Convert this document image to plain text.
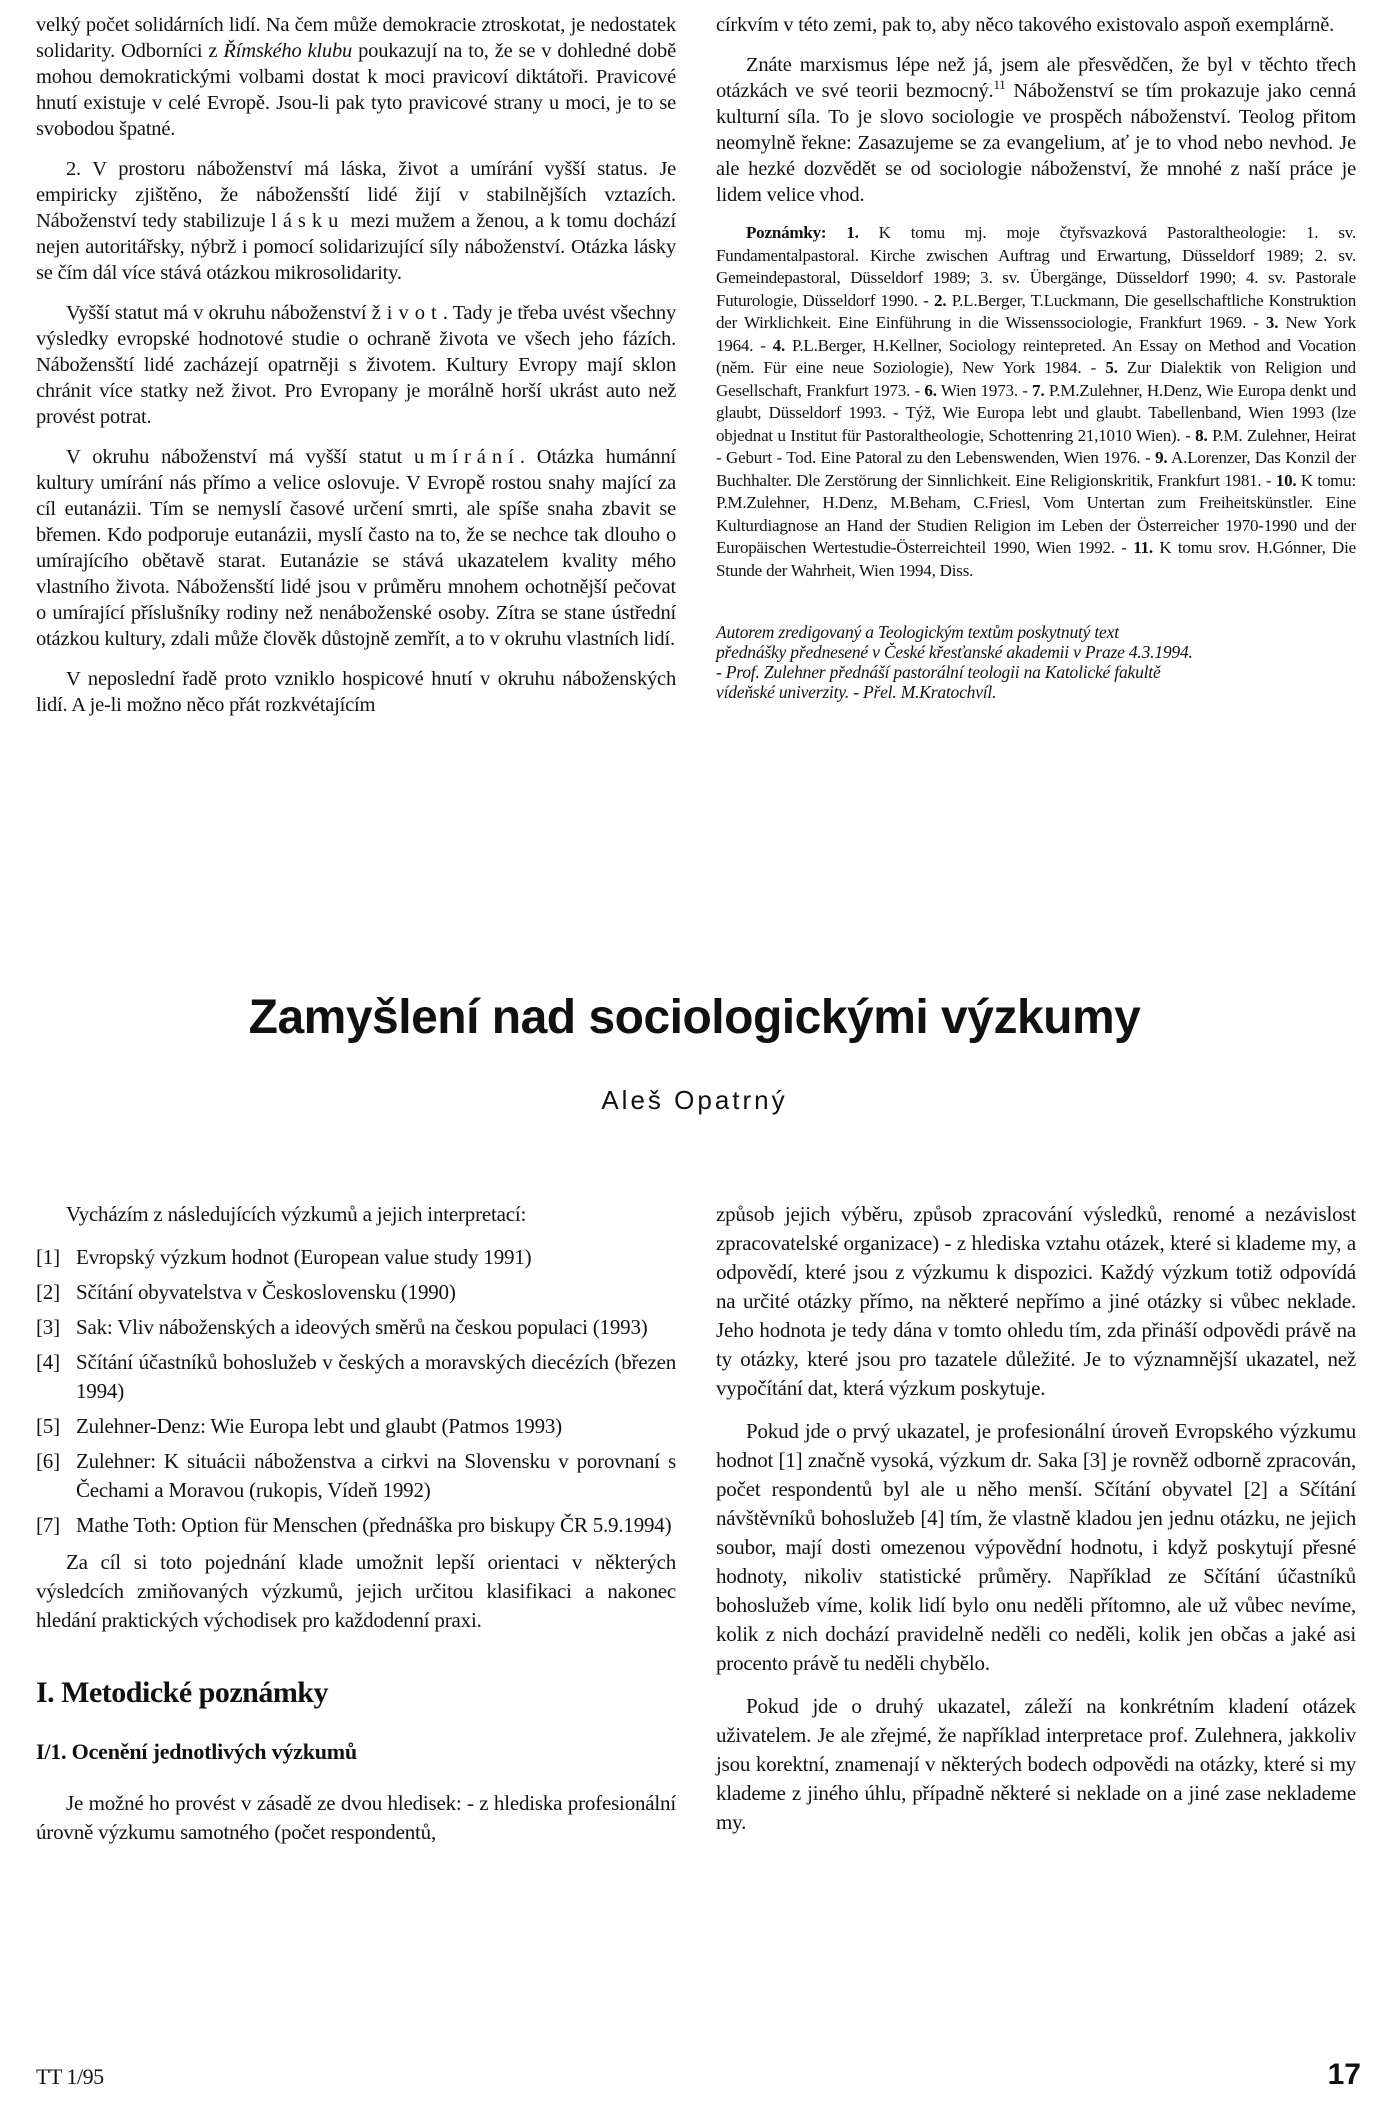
velký počet solidárních lidí. Na čem může demokracie ztroskotat, je nedostatek solidarity. Odborníci z Římského klubu poukazují na to, že se v dohledné době mohou demokratickými volbami dostat k moci pravicoví diktátoři. Pravicové hnutí existuje v celé Evropě. Jsou-li pak tyto pravicové strany u moci, je to se svobodou špatné.

2. V prostoru náboženství má láska, život a umírání vyšší status. Je empiricky zjištěno, že nábožensští lidé žijí v stabilnějších vztazích. Náboženství tedy stabilizuje lásku mezi mužem a ženou, a k tomu dochází nejen autoritářsky, nýbrž i pomocí solidarizující síly náboženství. Otázka lásky se čím dál více stává otázkou mikrosolidarity.

Vyšší statut má v okruhu náboženství život. Tady je třeba uvést všechny výsledky evropské hodnotové studie o ochraně života ve všech jeho fázích. Nábožensští lidé zacházejí opatrněji s životem. Kultury Evropy mají sklon chránit více statky než život. Pro Evropany je morálně horší ukrást auto než provést potrat.

V okruhu náboženství má vyšší statut umírání. Otázka humánní kultury umírání nás přímo a velice oslovuje. V Evropě rostou snahy mající za cíl eutanázii. Tím se nemyslí časové určení smrti, ale spíše snaha zbavit se břemen. Kdo podporuje eutanázii, myslí často na to, že se nechce tak dlouho o umírajícího obětavě starat. Eutanázie se stává ukazatelem kvality mého vlastního života. Nábožensští lidé jsou v průměru mnohem ochotnější pečovat o umírající příslušníky rodiny než nenáboženské osoby. Zítra se stane ústřední otázkou kultury, zdali může člověk důstojně zemřít, a to v okruhu vlastních lidí.

V neposlední řadě proto vzniklo hospicové hnutí v okruhu náboženských lidí. A je-li možno něco přát rozkvétajícím

církvím v této zemi, pak to, aby něco takového existovalo aspoň exemplárně.

Znáte marxismus lépe než já, jsem ale přesvědčen, že byl v těchto třech otázkách ve své teorii bezmocný.$^{11}$ Náboženství se tím prokazuje jako cenná kulturní síla. To je slovo sociologie ve prospěch náboženství. Teolog přitom neomylně řekne: Zasazujeme se za evangelium, ať je to vhod nebo nevhod. Je ale hezké dozvědět se od sociologie náboženství, že mnohé z naší práce je lidem velice vhod.

Poznámky: 1. K tomu mj. moje čtyřsvazková Pastoraltheologie: 1. sv. Fundamentalpastoral. Kirche zwischen Auftrag und Erwartung, Düsseldorf 1989; 2. sv. Gemeindepastoral, Düsseldorf 1989; 3. sv. Übergänge, Düsseldorf 1990; 4. sv. Pastorale Futurologie, Düsseldorf 1990. - 2. P.L.Berger, T.Luckmann, Die gesellschaftliche Konstruktion der Wirklichkeit. Eine Einführung in die Wissenssociologie, Frankfurt 1969. - 3. New York 1964. - 4. P.L.Berger, H.Kellner, Sociology reintepreted. An Essay on Method and Vocation (něm. Für eine neue Soziologie), New York 1984. - 5. Zur Dialektik von Religion und Gesellschaft, Frankfurt 1973. - 6. Wien 1973. - 7. P.M.Zulehner, H.Denz, Wie Europa denkt und glaubt, Düsseldorf 1993. - Týž, Wie Europa lebt und glaubt. Tabellenband, Wien 1993 (lze objednat u Institut für Pastoraltheologie, Schottenring 21,1010 Wien). - 8. P.M. Zulehner, Heirat - Geburt - Tod. Eine Patoral zu den Lebenswenden, Wien 1976. - 9. A.Lorenzer, Das Konzil der Buchhalter. Dle Zerstörung der Sinnlichkeit. Eine Religionskritik, Frankfurt 1981. - 10. K tomu: P.M.Zulehner, H.Denz, M.Beham, C.Friesl, Vom Untertan zum Freiheitskünstler. Eine Kulturdiagnose an Hand der Studien Religion im Leben der Österreicher 1970-1990 und der Europäischen Wertestudie-Österreichteil 1990, Wien 1992. - 11. K tomu srov. H.Gónner, Die Stunde der Wahrheit, Wien 1994, Diss.
Autorem zredigovaný a Teologickým textům poskytnutý text
přednášky přednesené v České křesťanské akademii v Praze 4.3.1994.
- Prof. Zulehner přednáší pastorální teologii na Katolické fakultě
vídeňské univerzity. - Přel. M.Kratochvíl.
Zamyšlení nad sociologickými výzkumy
Aleš Opatrný

Vycházím z následujících výzkumů a jejich interpretací:

[1] Evropský výzkum hodnot (European value study 1991)
[2] Sčítání obyvatelstva v Československu (1990)
[3] Sak: Vliv náboženských a ideových směrů na českou populaci (1993)
[4] Sčítání účastníků bohoslužeb v českých a moravských diecézích (březen 1994)
[5] Zulehner-Denz: Wie Europa lebt und glaubt (Patmos 1993)
[6] Zulehner: K situácii náboženstva a cirkvi na Slovensku v porovnaní s Čechami a Moravou (rukopis, Vídeň 1992)
[7] Mathe Toth: Option für Menschen (přednáška pro biskupy ČR 5.9.1994)

Za cíl si toto pojednání klade umožnit lepší orientaci v některých výsledcích zmiňovaných výzkumů, jejich určitou klasifikaci a nakonec hledání praktických východisek pro každodenní praxi.

I. Metodické poznámky
I/1. Ocenění jednotlivých výzkumů

Je možné ho provést v zásadě ze dvou hledisek: - z hlediska profesionální úrovně výzkumu samotného (počet respondentů,

způsob jejich výběru, způsob zpracování výsledků, renomé a nezávislost zpracovatelské organizace) - z hlediska vztahu otázek, které si klademe my, a odpovědí, které jsou z výzkumu k dispozici. Každý výzkum totiž odpovídá na určité otázky přímo, na některé nepřímo a jiné otázky si vůbec neklade. Jeho hodnota je tedy dána v tomto ohledu tím, zda přináší odpovědi právě na ty otázky, které jsou pro tazatele důležité. Je to významnější ukazatel, než vypočítání dat, která výzkum poskytuje.

Pokud jde o prvý ukazatel, je profesionální úroveň Evropského výzkumu hodnot [1] značně vysoká, výzkum dr. Saka [3] je rovněž odborně zpracován, počet respondentů byl ale u něho menší. Sčítání obyvatel [2] a Sčítání návštěvníků bohoslužeb [4] tím, že vlastně kladou jen jednu otázku, ne jejich soubor, mají dosti omezenou výpovědní hodnotu, i když poskytují přesné hodnoty, nikoliv statistické průměry. Například ze Sčítání účastníků bohoslužeb víme, kolik lidí bylo onu neděli přítomno, ale už vůbec nevíme, kolik z nich dochází pravidelně neděli co neděli, kolik jen občas a jaké asi procento právě tu neděli chybělo.

Pokud jde o druhý ukazatel, záleží na konkrétním kladení otázek uživatelem. Je ale zřejmé, že například interpretace prof. Zulehnera, jakkoliv jsou korektní, znamenají v některých bodech odpovědi na otázky, které si my klademe z jiného úhlu, případně některé si neklade on a jiné zase neklademe my.

TT 1/95	17
